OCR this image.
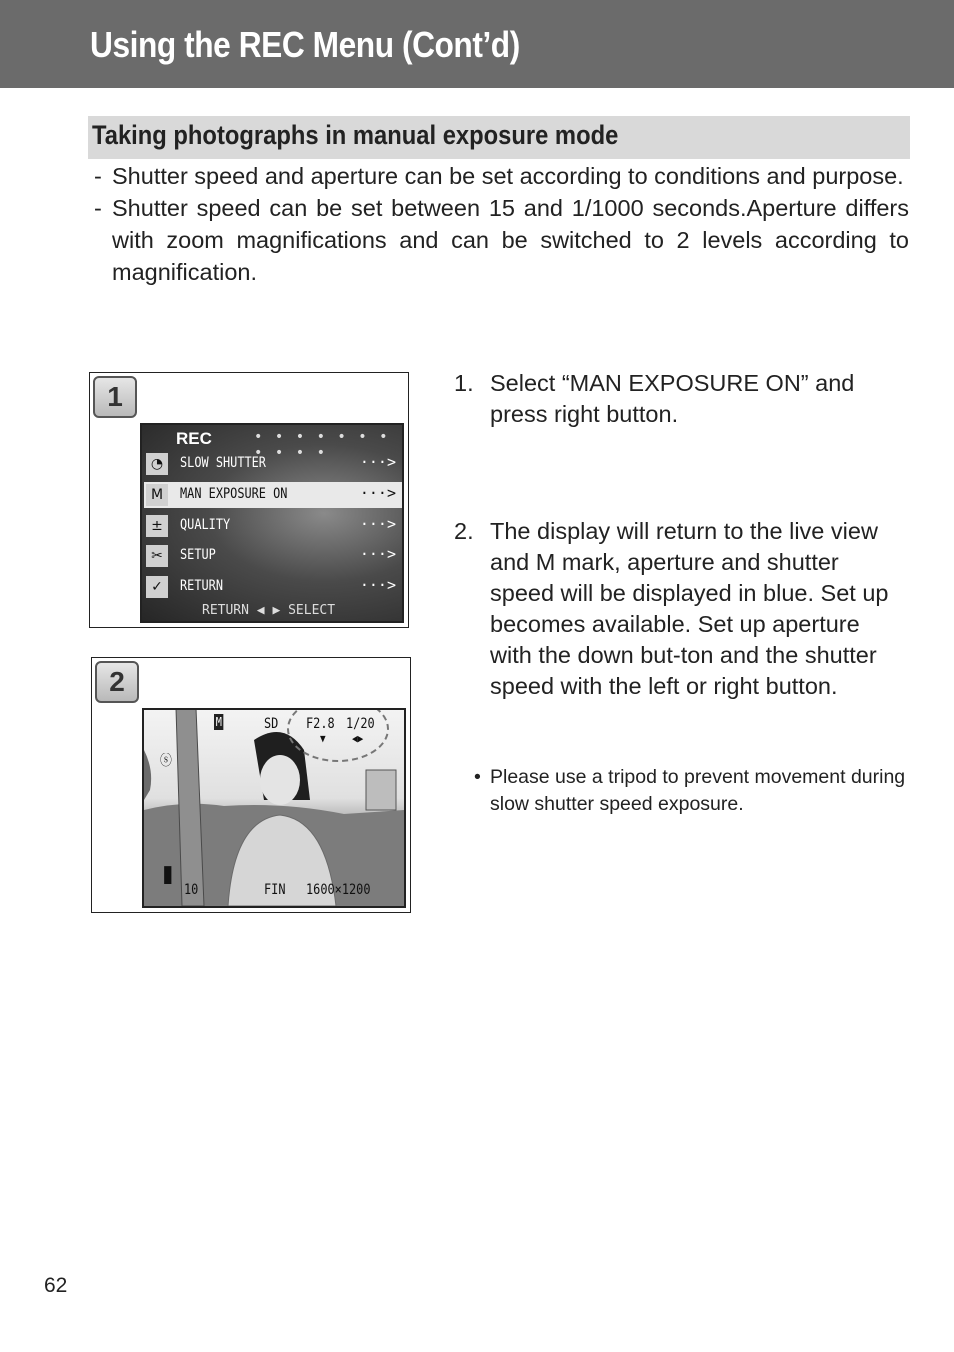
Using the REC Menu (Cont’d)
Taking photographs in manual exposure mode
- Shutter speed and aperture can be set according to conditions and purpose.
- Shutter speed can be set between 15 and 1/1000 seconds.Aperture differs with zoom magnifications and can be switched to 2 levels according to magnification.
1
REC	• • • • • • • • • • •
◔	SLOW SHUTTER	···>
M	MAN EXPOSURE ON	···>
±	QUALITY	···>
✂	SETUP	···>
✓	RETURN	···>
RETURN ◀ ▶ SELECT
2
M
ⓢ
SD F2.8 1/20
▼ ◀▶
▮ 10	FIN 1600×1200
1. Select “MAN EXPOSURE ON” and press right button.
2. The display will return to the live view and M mark, aperture and shutter speed will be displayed in blue. Set up becomes available. Set up aperture with the down but-ton and the shutter speed with the left or right button.
• Please use a tripod to prevent movement during slow shutter speed exposure.
62
